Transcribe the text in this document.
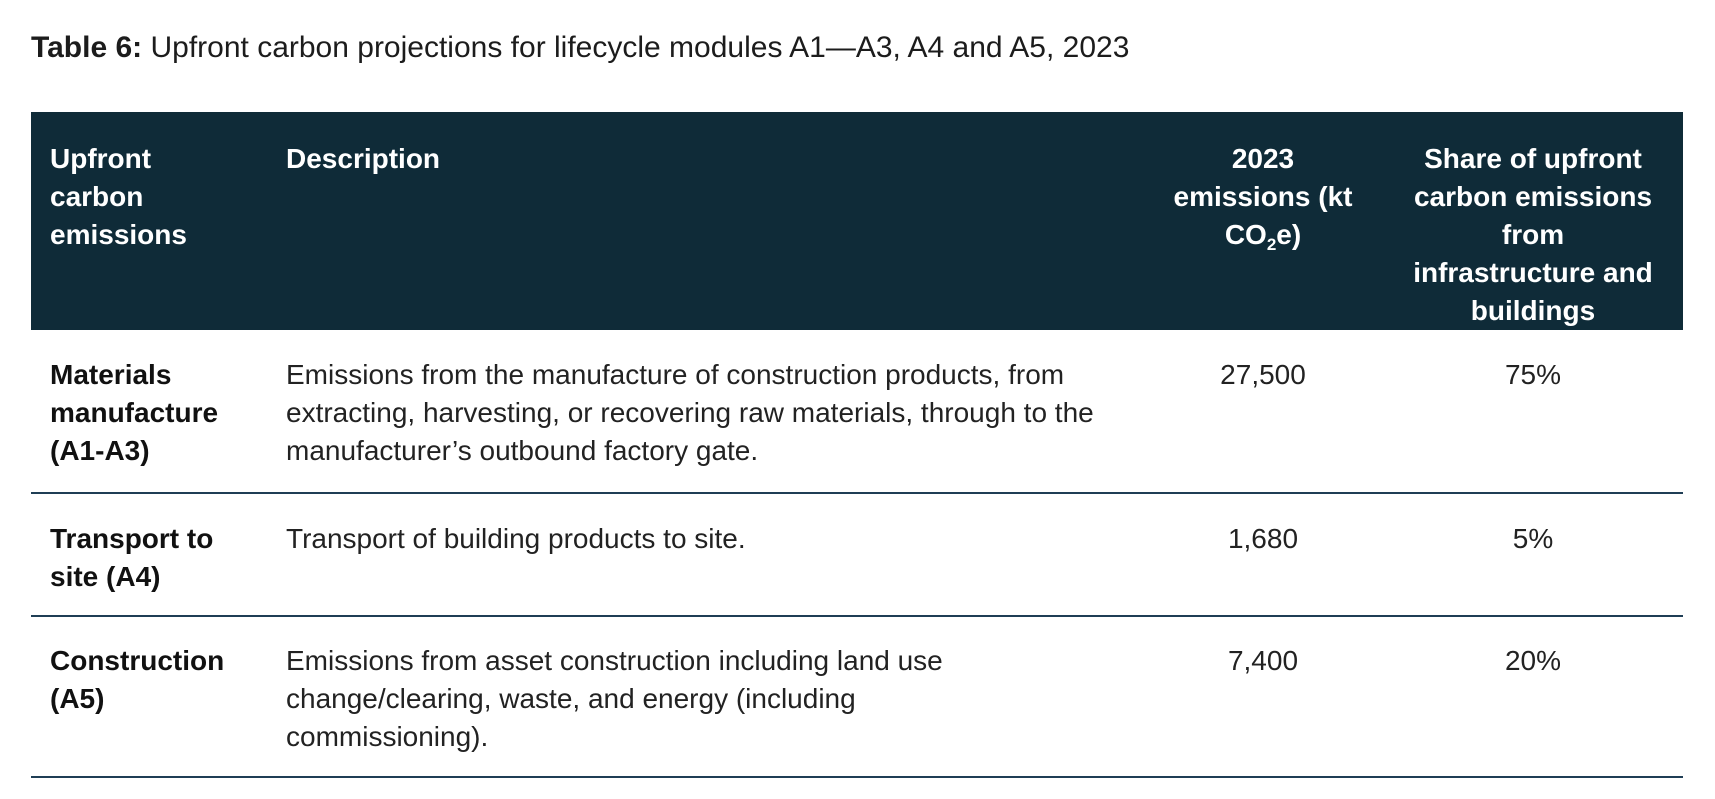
Table 6: Upfront carbon projections for lifecycle modules A1—A3, A4 and A5, 2023
Upfront carbon emissions	Description	2023 emissions (kt $CO_2e$)	Share of upfront carbon emissions from infrastructure and buildings
Materials manufacture (A1-A3)	Emissions from the manufacture of construction products, from extracting, harvesting, or recovering raw materials, through to the manufacturer’s outbound factory gate.	27,500	75%
Transport to site (A4)	Transport of building products to site.	1,680	5%
Construction (A5)	Emissions from asset construction including land use change/clearing, waste, and energy (including commissioning).	7,400	20%
